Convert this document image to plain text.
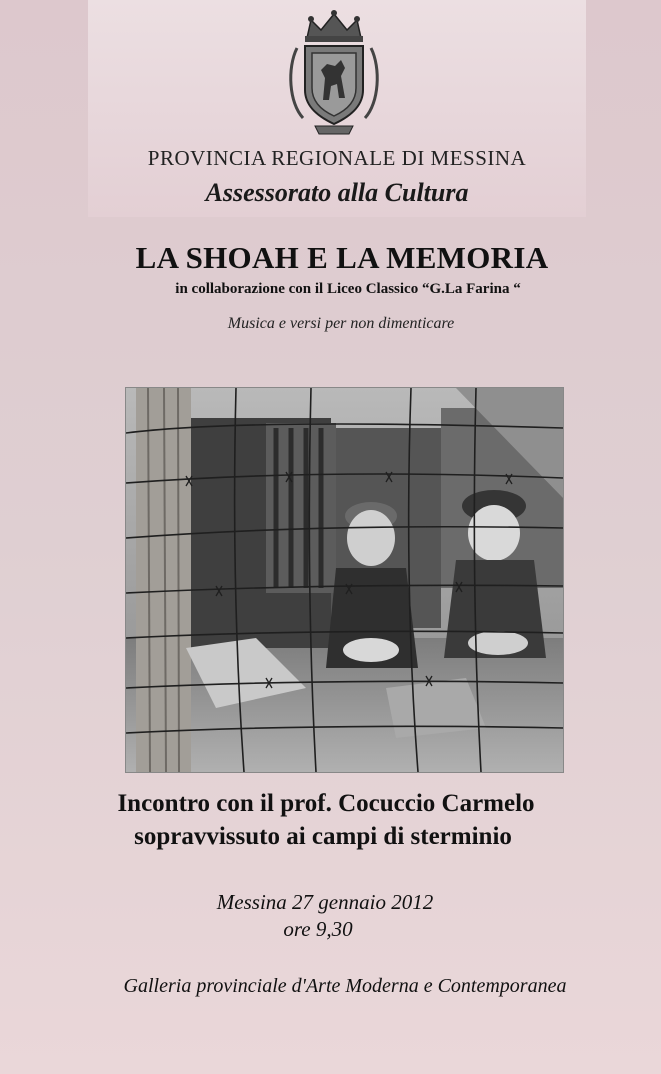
PROVINCIA REGIONALE DI MESSINA
Assessorato alla Cultura
LA SHOAH E LA MEMORIA
in collaborazione con il Liceo Classico “G.La Farina “
Musica e versi per non dimenticare
Incontro con il prof. Cocuccio Carmelo
sopravvissuto ai campi di sterminio
Messina 27 gennaio 2012
ore 9,30
Galleria provinciale d'Arte Moderna e Contemporanea
